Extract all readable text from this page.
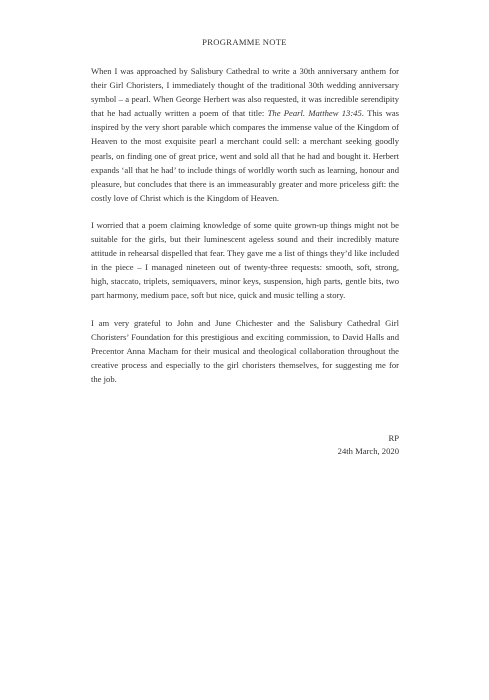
PROGRAMME NOTE

When I was approached by Salisbury Cathedral to write a 30th anniversary anthem for their Girl Choristers, I immediately thought of the traditional 30th wedding anniversary symbol – a pearl. When George Herbert was also requested, it was incredible serendipity that he had actually written a poem of that title: The Pearl. Matthew 13:45. This was inspired by the very short parable which compares the immense value of the Kingdom of Heaven to the most exquisite pearl a merchant could sell: a merchant seeking goodly pearls, on finding one of great price, went and sold all that he had and bought it. Herbert expands ‘all that he had’ to include things of worldly worth such as learning, honour and pleasure, but concludes that there is an immeasurably greater and more priceless gift: the costly love of Christ which is the Kingdom of Heaven.

I worried that a poem claiming knowledge of some quite grown-up things might not be suitable for the girls, but their luminescent ageless sound and their incredibly mature attitude in rehearsal dispelled that fear. They gave me a list of things they’d like included in the piece – I managed nineteen out of twenty-three requests: smooth, soft, strong, high, staccato, triplets, semiquavers, minor keys, suspension, high parts, gentle bits, two part harmony, medium pace, soft but nice, quick and music telling a story.

I am very grateful to John and June Chichester and the Salisbury Cathedral Girl Choristers’ Foundation for this prestigious and exciting commission, to David Halls and Precentor Anna Macham for their musical and theological collaboration throughout the creative process and especially to the girl choristers themselves, for suggesting me for the job.

RP
24th March, 2020
